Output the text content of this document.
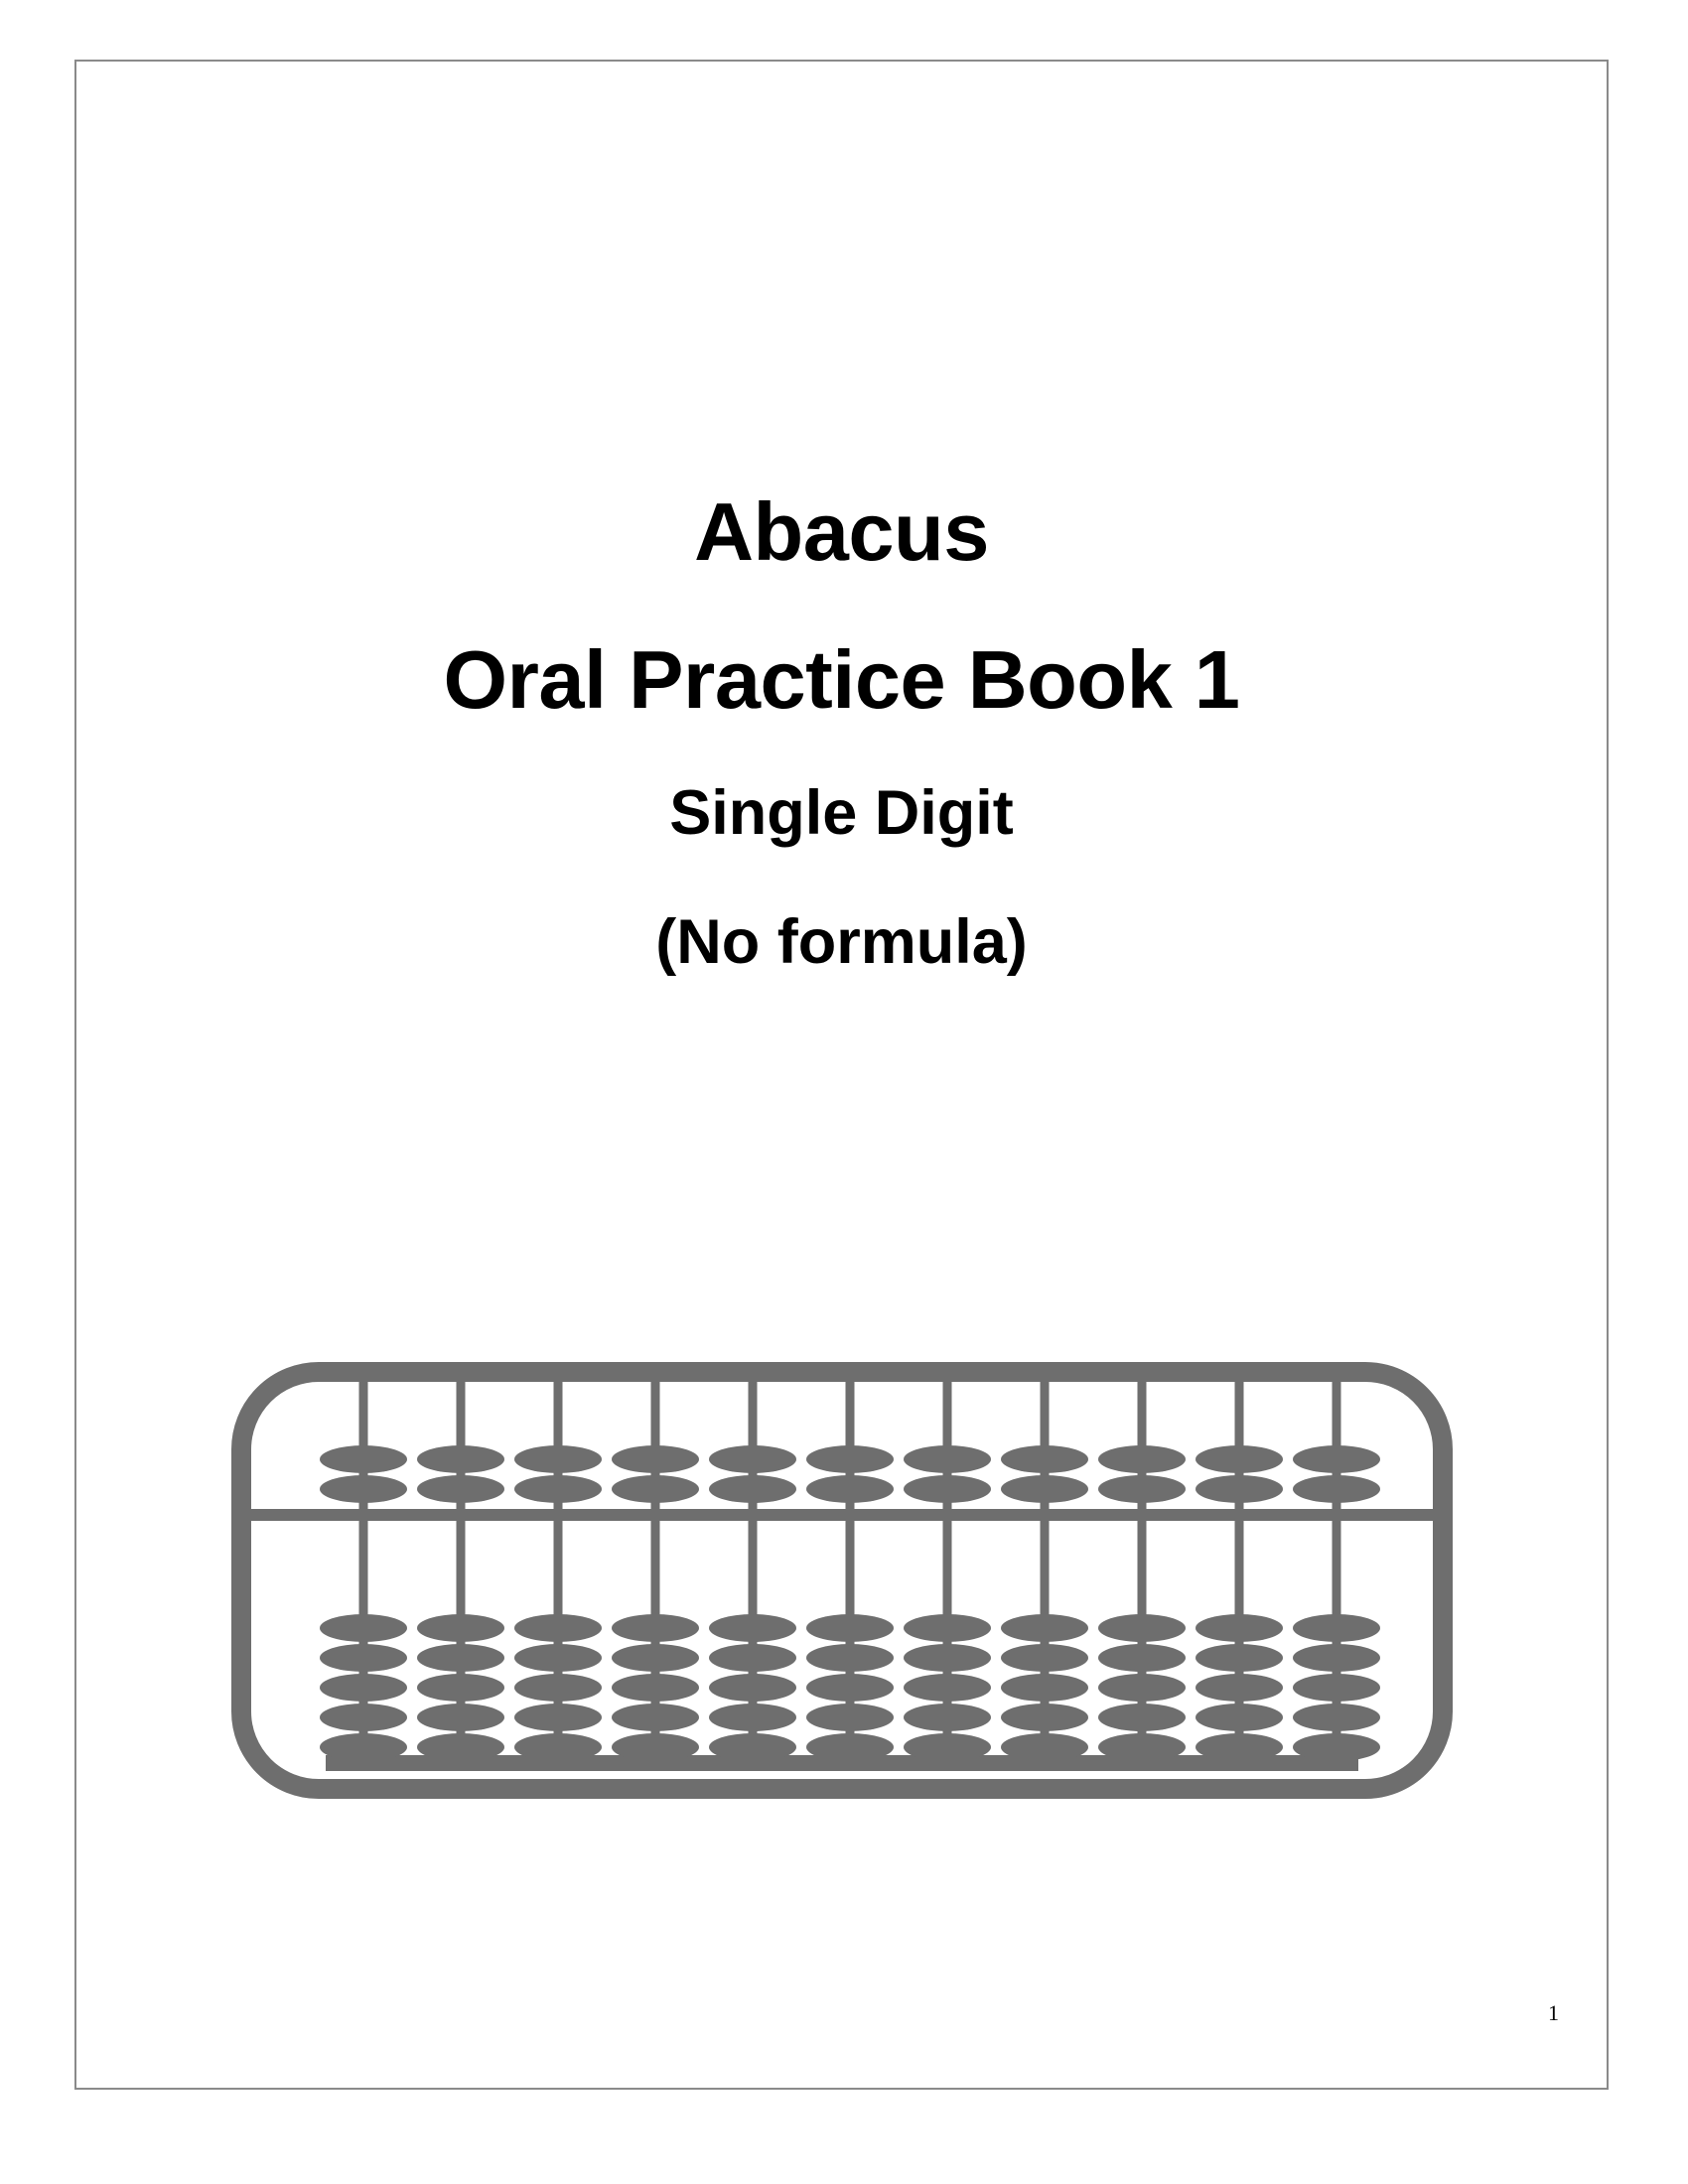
Abacus
Oral Practice Book 1
Single Digit
(No formula)
1
